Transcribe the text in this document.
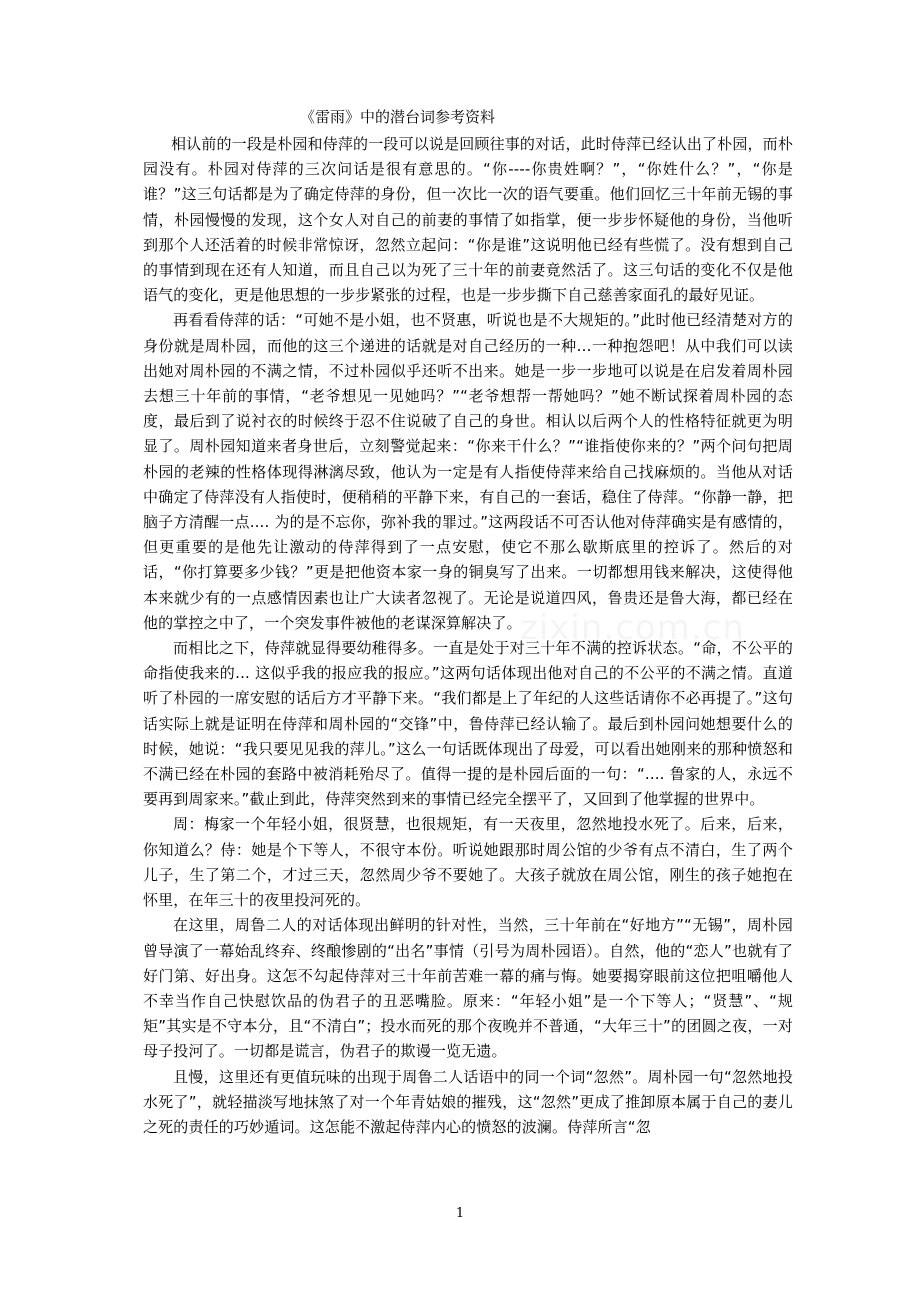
《雷雨》中的潜台词参考资料

相认前的一段是朴园和侍萍的一段可以说是回顾往事的对话，此时侍萍已经认出了朴园，而朴园没有。朴园对侍萍的三次问话是很有意思的。“你----你贵姓啊？”，“你姓什么？”，“你是谁？”这三句话都是为了确定侍萍的身份，但一次比一次的语气要重。他们回忆三十年前无锡的事情，朴园慢慢的发现，这个女人对自己的前妻的事情了如指掌，便一步步怀疑他的身份，当他听到那个人还活着的时候非常惊讶，忽然立起问：“你是谁”这说明他已经有些慌了。没有想到自己的事情到现在还有人知道，而且自己以为死了三十年的前妻竟然活了。这三句话的变化不仅是他语气的变化，更是他思想的一步步紧张的过程，也是一步步撕下自己慈善家面孔的最好见证。

再看看侍萍的话：“可她不是小姐，也不贤惠，听说也是不大规矩的。”此时他已经清楚对方的身份就是周朴园，而他的这三个递进的话就是对自己经历的一种…一种抱怨吧！从中我们可以读出她对周朴园的不满之情，不过朴园似乎还听不出来。她是一步一步地可以说是在启发着周朴园去想三十年前的事情，“老爷想见一见她吗？”“老爷想帮一帮她吗？”她不断试探着周朴园的态度，最后到了说衬衣的时候终于忍不住说破了自己的身世。相认以后两个人的性格特征就更为明显了。周朴园知道来者身世后，立刻警觉起来：“你来干什么？”“谁指使你来的？”两个问句把周朴园的老辣的性格体现得淋漓尽致，他认为一定是有人指使侍萍来给自己找麻烦的。当他从对话中确定了侍萍没有人指使时，便稍稍的平静下来，有自己的一套话，稳住了侍萍。“你静一静，把脑子方清醒一点.... 为的是不忘你，弥补我的罪过。”这两段话不可否认他对侍萍确实是有感情的，但更重要的是他先让激动的侍萍得到了一点安慰，使它不那么歇斯底里的控诉了。然后的对话，“你打算要多少钱？”更是把他资本家一身的铜臭写了出来。一切都想用钱来解决，这使得他本来就少有的一点感情因素也让广大读者忽视了。无论是说道四风，鲁贵还是鲁大海，都已经在他的掌控之中了，一个突发事件被他的老谋深算解决了。

而相比之下，侍萍就显得要幼稚得多。一直是处于对三十年不满的控诉状态。“命，不公平的命指使我来的... 这似乎我的报应我的报应。”这两句话体现出他对自己的不公平的不满之情。直道听了朴园的一席安慰的话后方才平静下来。“我们都是上了年纪的人这些话请你不必再提了。”这句话实际上就是证明在侍萍和周朴园的“交锋”中，鲁侍萍已经认输了。最后到朴园问她想要什么的时候，她说：“我只要见见我的萍儿。”这么一句话既体现出了母爱，可以看出她刚来的那种愤怒和不满已经在朴园的套路中被消耗殆尽了。值得一提的是朴园后面的一句：“.... 鲁家的人，永远不要再到周家来。”截止到此，侍萍突然到来的事情已经完全摆平了，又回到了他掌握的世界中。

周：梅家一个年轻小姐，很贤慧，也很规矩，有一天夜里，忽然地投水死了。后来，后来，你知道么？侍：她是个下等人，不很守本份。听说她跟那时周公馆的少爷有点不清白，生了两个儿子，生了第二个，才过三天，忽然周少爷不要她了。大孩子就放在周公馆，刚生的孩子她抱在怀里，在年三十的夜里投河死的。

在这里，周鲁二人的对话体现出鲜明的针对性，当然，三十年前在“好地方”“无锡”，周朴园曾导演了一幕始乱终弃、终酿惨剧的“出名”事情（引号为周朴园语）。自然，他的“恋人”也就有了好门第、好出身。这怎不勾起侍萍对三十年前苦难一幕的痛与悔。她要揭穿眼前这位把咀嚼他人不幸当作自己快慰饮品的伪君子的丑恶嘴脸。原来：“年轻小姐”是一个下等人；“贤慧”、“规矩”其实是不守本分，且“不清白”；投水而死的那个夜晚并不普通，“大年三十”的团圆之夜，一对母子投河了。一切都是谎言，伪君子的欺谩一览无遗。

且慢，这里还有更值玩味的出现于周鲁二人话语中的同一个词“忽然”。周朴园一句“忽然地投水死了”，就轻描淡写地抹煞了对一个年青姑娘的摧残，这“忽然”更成了推卸原本属于自己的妻儿之死的责任的巧妙遁词。这怎能不激起侍萍内心的愤怒的波澜。侍萍所言“忽

1
